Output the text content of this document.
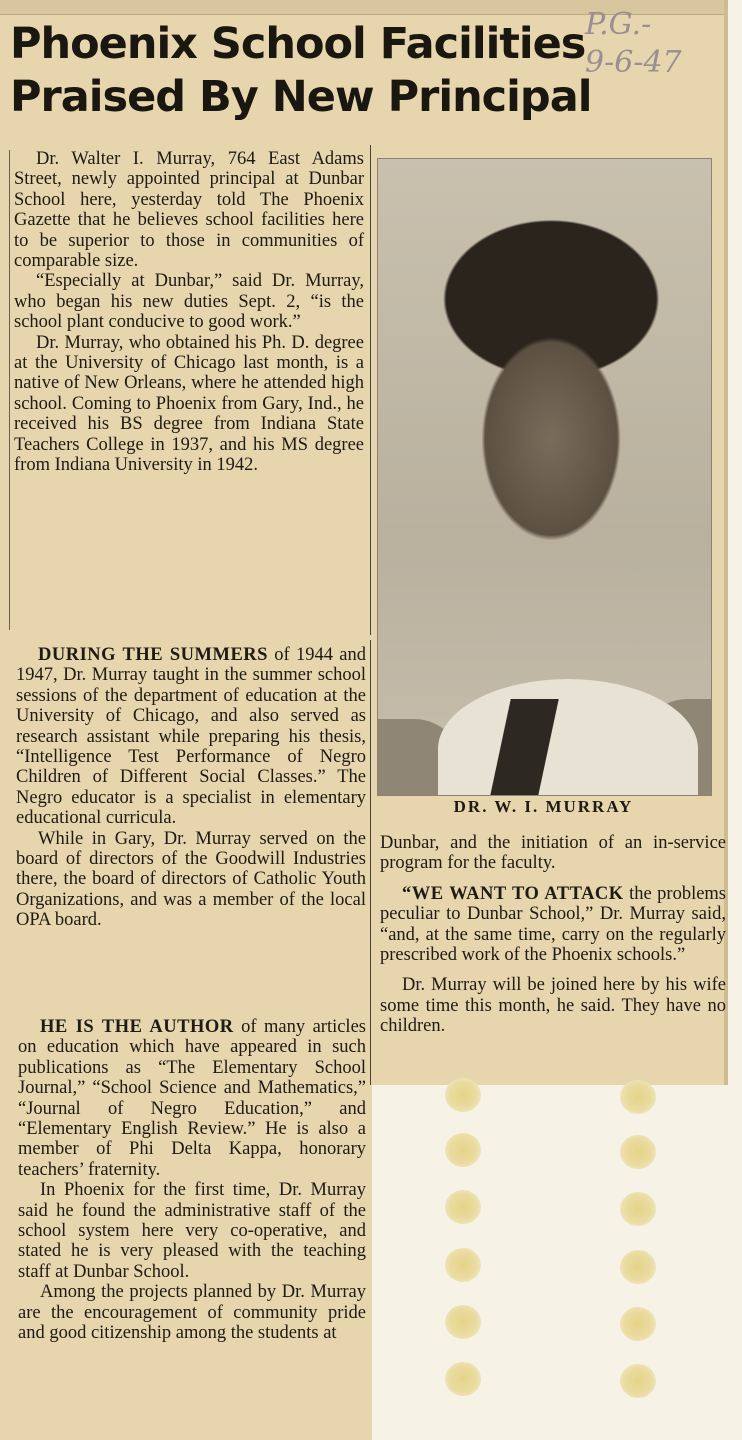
Phoenix School Facilities
Praised By New Principal
P.G.-
9-6-47

Dr. Walter I. Murray, 764 East Adams Street, newly appointed principal at Dunbar School here, yesterday told The Phoenix Gazette that he believes school facilities here to be superior to those in communities of comparable size.

“Especially at Dunbar,” said Dr. Murray, who began his new duties Sept. 2, “is the school plant conducive to good work.”

Dr. Murray, who obtained his Ph. D. degree at the University of Chicago last month, is a native of New Orleans, where he attended high school. Coming to Phoenix from Gary, Ind., he received his BS degree from Indiana State Teachers College in 1937, and his MS degree from Indiana University in 1942.

DR. W. I. MURRAY

DURING THE SUMMERS of 1944 and 1947, Dr. Murray taught in the summer school sessions of the department of education at the University of Chicago, and also served as research assistant while preparing his thesis, “Intelligence Test Performance of Negro Children of Different Social Classes.” The Negro educator is a specialist in elementary educational curricula.

While in Gary, Dr. Murray served on the board of directors of the Goodwill Industries there, the board of directors of Catholic Youth Organizations, and was a member of the local OPA board.

HE IS THE AUTHOR of many articles on education which have appeared in such publications as “The Elementary School Journal,” “School Science and Mathematics,” “Journal of Negro Education,” and “Elementary English Review.” He is also a member of Phi Delta Kappa, honorary teachers’ fraternity.

In Phoenix for the first time, Dr. Murray said he found the administrative staff of the school system here very co-operative, and stated he is very pleased with the teaching staff at Dunbar School.

Among the projects planned by Dr. Murray are the encouragement of community pride and good citizenship among the students at

Dunbar, and the initiation of an in-service program for the faculty.

“WE WANT TO ATTACK the problems peculiar to Dunbar School,” Dr. Murray said, “and, at the same time, carry on the regularly prescribed work of the Phoenix schools.”

Dr. Murray will be joined here by his wife some time this month, he said. They have no children.
